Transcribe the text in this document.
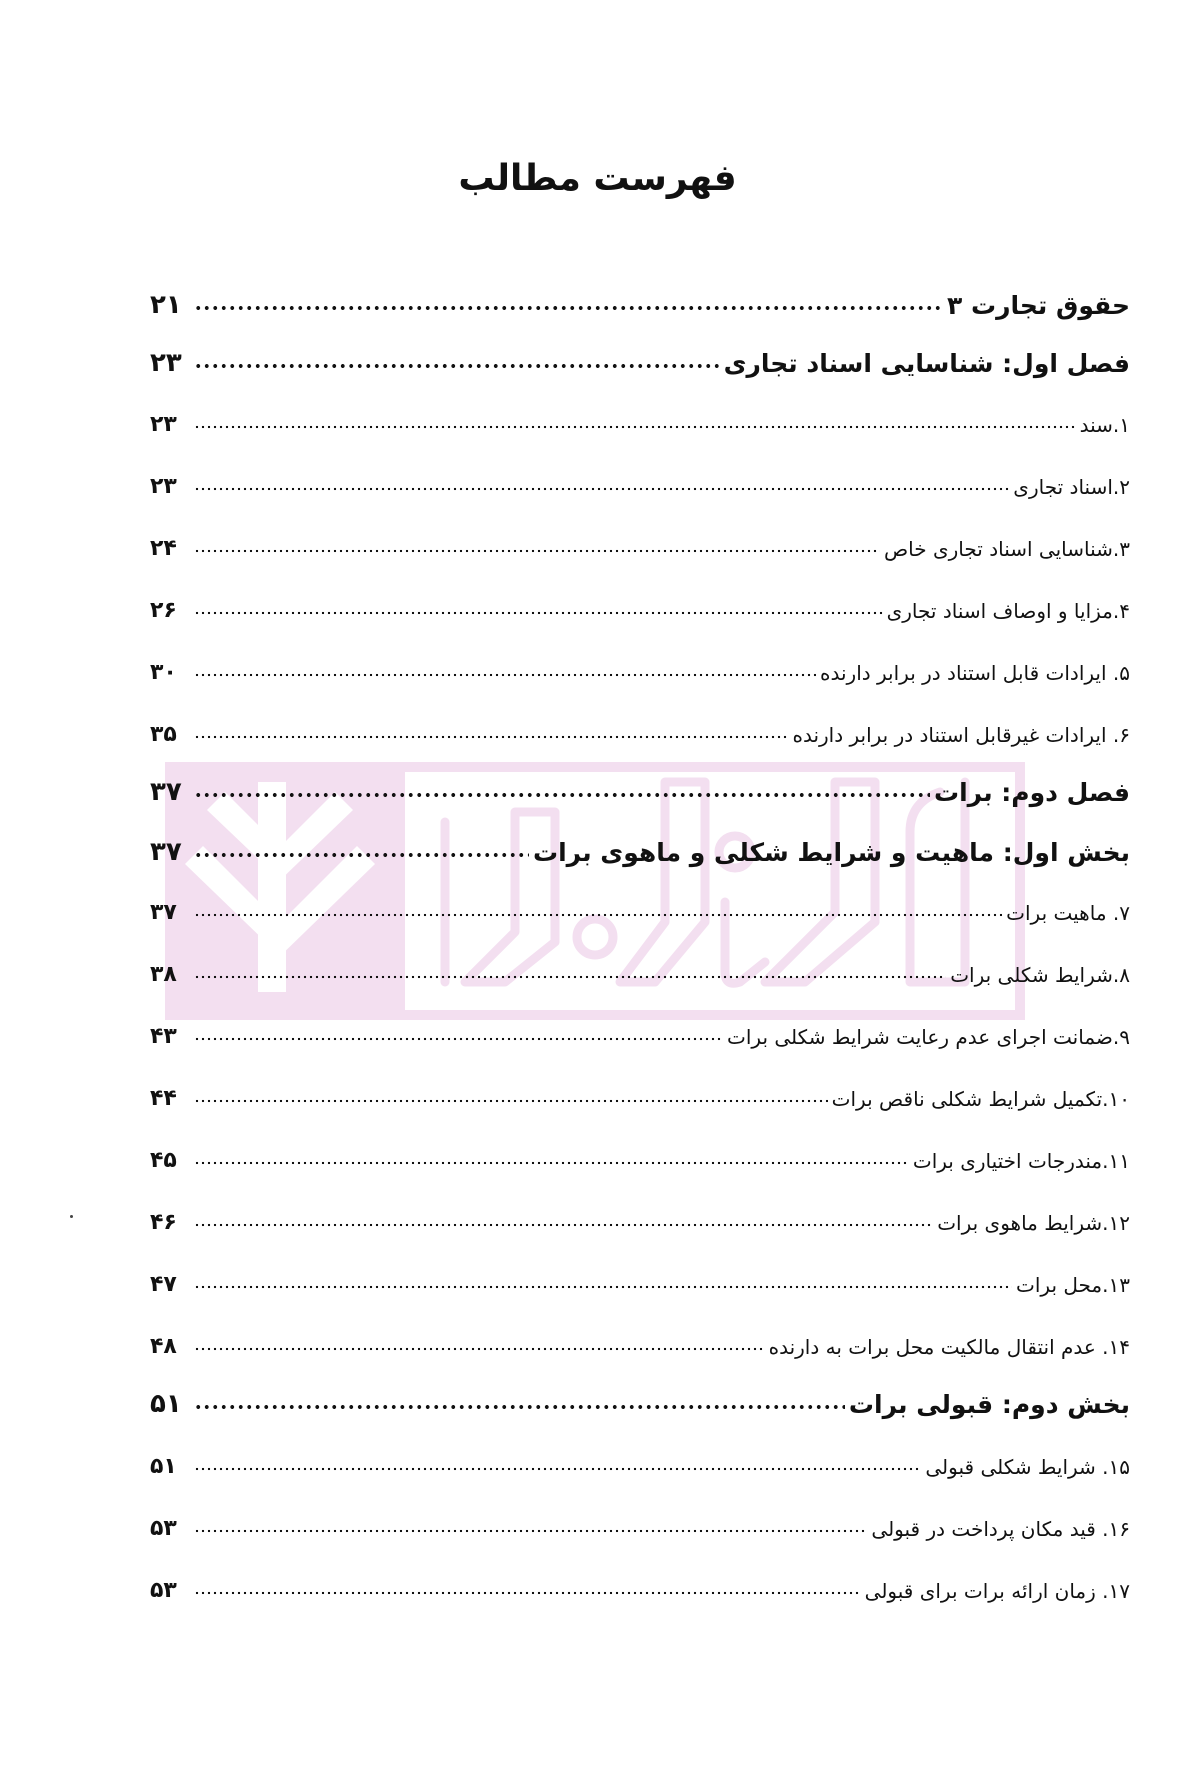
فهرست مطالب
حقوق تجارت ۳
۲۱
فصل اول: شناسایی اسناد تجاری
۲۳
۱.سند
۲۳
۲.اسناد تجاری
۲۳
۳.شناسایی اسناد تجاری خاص
۲۴
۴.مزایا و اوصاف اسناد تجاری
۲۶
۵. ایرادات قابل استناد در برابر دارنده
۳۰
۶. ایرادات غیرقابل استناد در برابر دارنده
۳۵
فصل دوم: برات
۳۷
بخش اول: ماهیت و شرایط شکلی و ماهوی برات
۳۷
۷. ماهیت برات
۳۷
۸.شرایط شکلی برات
۳۸
۹.ضمانت اجرای عدم رعایت شرایط شکلی برات
۴۳
۱۰.تکمیل شرایط شکلی ناقص برات
۴۴
۱۱.مندرجات اختیاری برات
۴۵
۱۲.شرایط ماهوی برات
۴۶
۱۳.محل برات
۴۷
۱۴. عدم انتقال مالکیت محل برات به دارنده
۴۸
بخش دوم: قبولی برات
۵۱
۱۵. شرایط شکلی قبولی
۵۱
۱۶. قید مکان پرداخت در قبولی
۵۳
۱۷. زمان ارائه برات برای قبولی
۵۳
